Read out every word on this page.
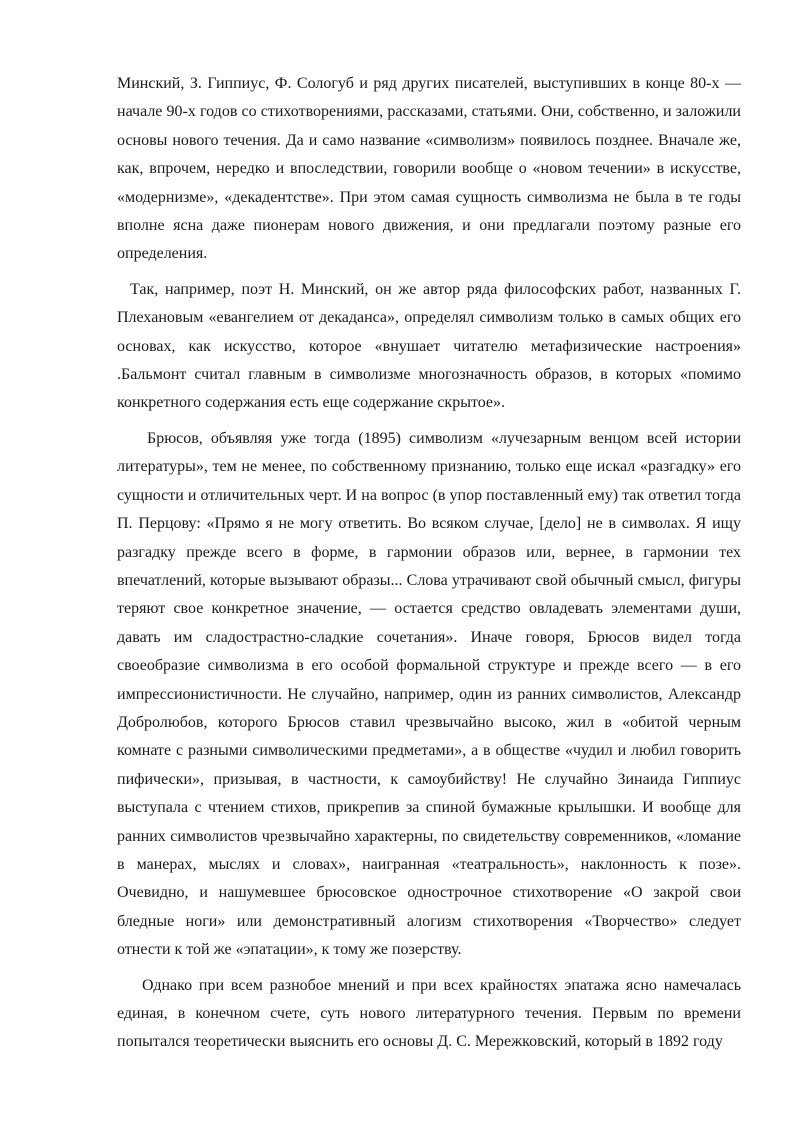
Минский, З. Гиппиус, Ф. Сологуб и ряд других писателей, выступивших в конце 80-х — начале 90-х годов со стихотворениями, рассказами, статьями. Они, собственно, и заложили основы нового течения. Да и само название «символизм» появилось позднее. Вначале же, как, впрочем, нередко и впоследствии, говорили вообще о «новом течении» в искусстве, «модернизме», «декадентстве». При этом самая сущность символизма не была в те годы вполне ясна даже пионерам нового движения, и они предлагали поэтому разные его определения.

Так, например, поэт Н. Минский, он же автор ряда философских работ, названных Г. Плехановым «евангелием от декаданса», определял символизм только в самых общих его основах, как искусство, которое «внушает читателю метафизические настроения» .Бальмонт считал главным в символизме многозначность образов, в которых «помимо конкретного содержания есть еще содержание скрытое».

Брюсов, объявляя уже тогда (1895) символизм «лучезарным венцом всей истории литературы», тем не менее, по собственному признанию, только еще искал «разгадку» его сущности и отличительных черт. И на вопрос (в упор поставленный ему) так ответил тогда П. Перцову: «Прямо я не могу ответить. Во всяком случае, [дело] не в символах. Я ищу разгадку прежде всего в форме, в гармонии образов или, вернее, в гармонии тех впечатлений, которые вызывают образы... Слова утрачивают свой обычный смысл, фигуры теряют свое конкретное значение, — остается средство овладевать элементами души, давать им сладострастно-сладкие сочетания». Иначе говоря, Брюсов видел тогда своеобразие символизма в его особой формальной структуре и прежде всего — в его импрессионистичности. Не случайно, например, один из ранних символистов, Александр Добролюбов, которого Брюсов ставил чрезвычайно высоко, жил в «обитой черным комнате с разными символическими предметами», а в обществе «чудил и любил говорить пифически», призывая, в частности, к самоубийству! Не случайно Зинаида Гиппиус выступала с чтением стихов, прикрепив за спиной бумажные крылышки. И вообще для ранних символистов чрезвычайно характерны, по свидетельству современников, «ломание в манерах, мыслях и словах», наигранная «театральность», наклонность к позе». Очевидно, и нашумевшее брюсовское однострочное стихотворение «О закрой свои бледные ноги» или демонстративный алогизм стихотворения «Творчество» следует отнести к той же «эпатации», к тому же позерству.

Однако при всем разнобое мнений и при всех крайностях эпатажа ясно намечалась единая, в конечном счете, суть нового литературного течения. Первым по времени попытался теоретически выяснить его основы Д. С. Мережковский, который в 1892 году
